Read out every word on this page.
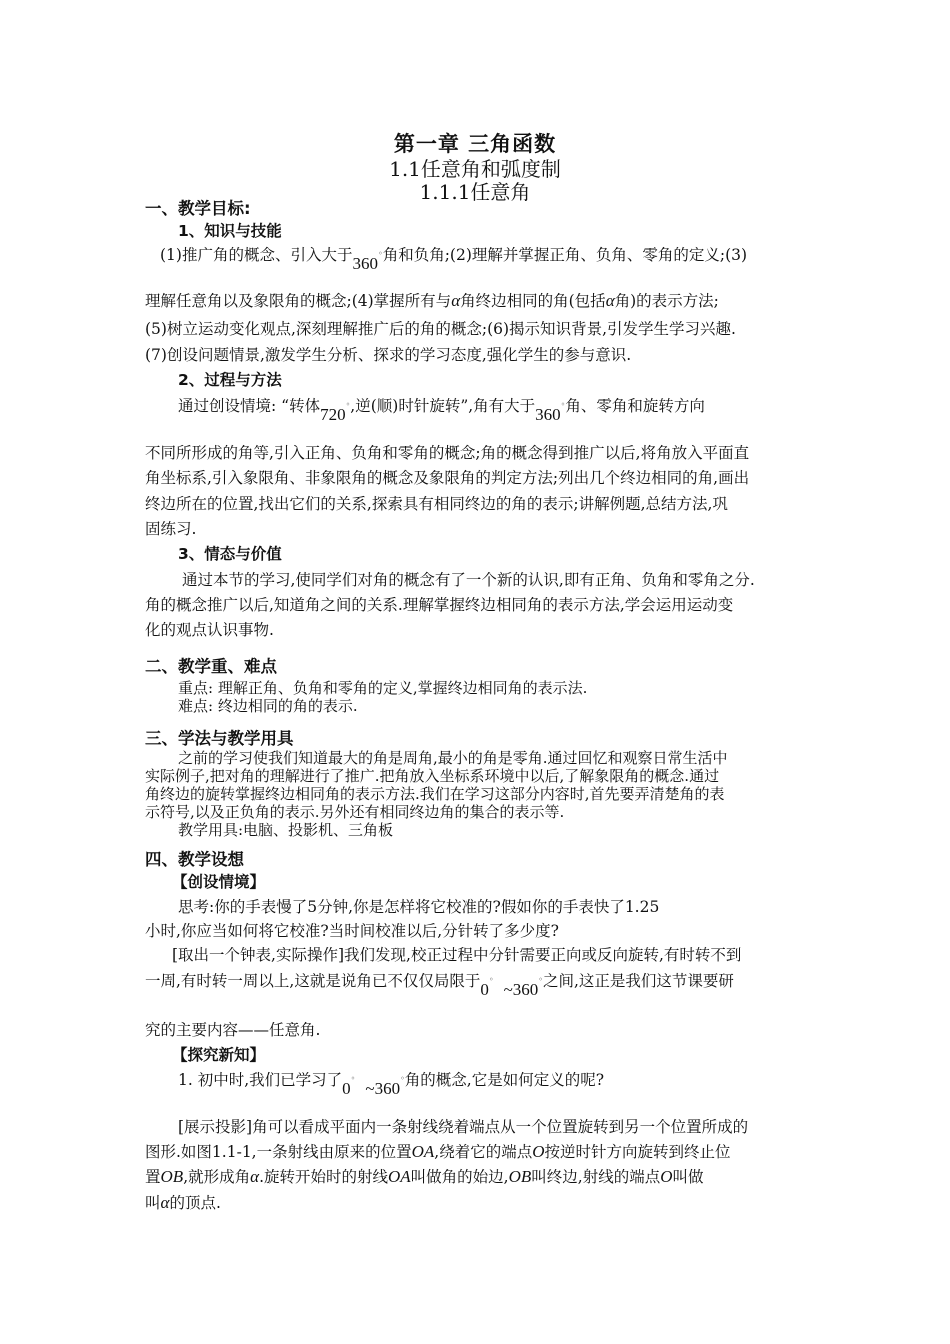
第一章 三角函数
1.1任意角和弧度制
1.1.1任意角
一、教学目标:
1、知识与技能
(1)推广角的概念、引入大于360◦角和负角;(2)理解并掌握正角、负角、零角的定义;(3)
理解任意角以及象限角的概念;(4)掌握所有与α角终边相同的角(包括α角)的表示方法;
(5)树立运动变化观点,深刻理解推广后的角的概念;(6)揭示知识背景,引发学生学习兴趣.
(7)创设问题情景,激发学生分析、探求的学习态度,强化学生的参与意识.
2、过程与方法
通过创设情境: “转体720◦,逆(顺)时针旋转”,角有大于360◦角、零角和旋转方向
不同所形成的角等,引入正角、负角和零角的概念;角的概念得到推广以后,将角放入平面直
角坐标系,引入象限角、非象限角的概念及象限角的判定方法;列出几个终边相同的角,画出
终边所在的位置,找出它们的关系,探索具有相同终边的角的表示;讲解例题,总结方法,巩
固练习.
3、情态与价值
通过本节的学习,使同学们对角的概念有了一个新的认识,即有正角、负角和零角之分.
角的概念推广以后,知道角之间的关系.理解掌握终边相同角的表示方法,学会运用运动变
化的观点认识事物.
二、教学重、难点
重点: 理解正角、负角和零角的定义,掌握终边相同角的表示法.
难点: 终边相同的角的表示.
三、学法与教学用具
之前的学习使我们知道最大的角是周角,最小的角是零角.通过回忆和观察日常生活中
实际例子,把对角的理解进行了推广.把角放入坐标系环境中以后,了解象限角的概念.通过
角终边的旋转掌握终边相同角的表示方法.我们在学习这部分内容时,首先要弄清楚角的表
示符号,以及正负角的表示.另外还有相同终边角的集合的表示等.
教学用具:电脑、投影机、三角板
四、教学设想
【创设情境】
思考:你的手表慢了5分钟,你是怎样将它校准的?假如你的手表快了1.25
小时,你应当如何将它校准?当时间校准以后,分针转了多少度?
[取出一个钟表,实际操作]我们发现,校正过程中分针需要正向或反向旋转,有时转不到
一周,有时转一周以上,这就是说角已不仅仅局限于0◦~360◦之间,这正是我们这节课要研
究的主要内容——任意角.
【探究新知】
1. 初中时,我们已学习了0◦~360◦角的概念,它是如何定义的呢?
[展示投影]角可以看成平面内一条射线绕着端点从一个位置旋转到另一个位置所成的
图形.如图1.1-1,一条射线由原来的位置OA,绕着它的端点O按逆时针方向旋转到终止位
置OB,就形成角α.旋转开始时的射线OA叫做角的始边,OB叫终边,射线的端点O叫做
叫α的顶点.
